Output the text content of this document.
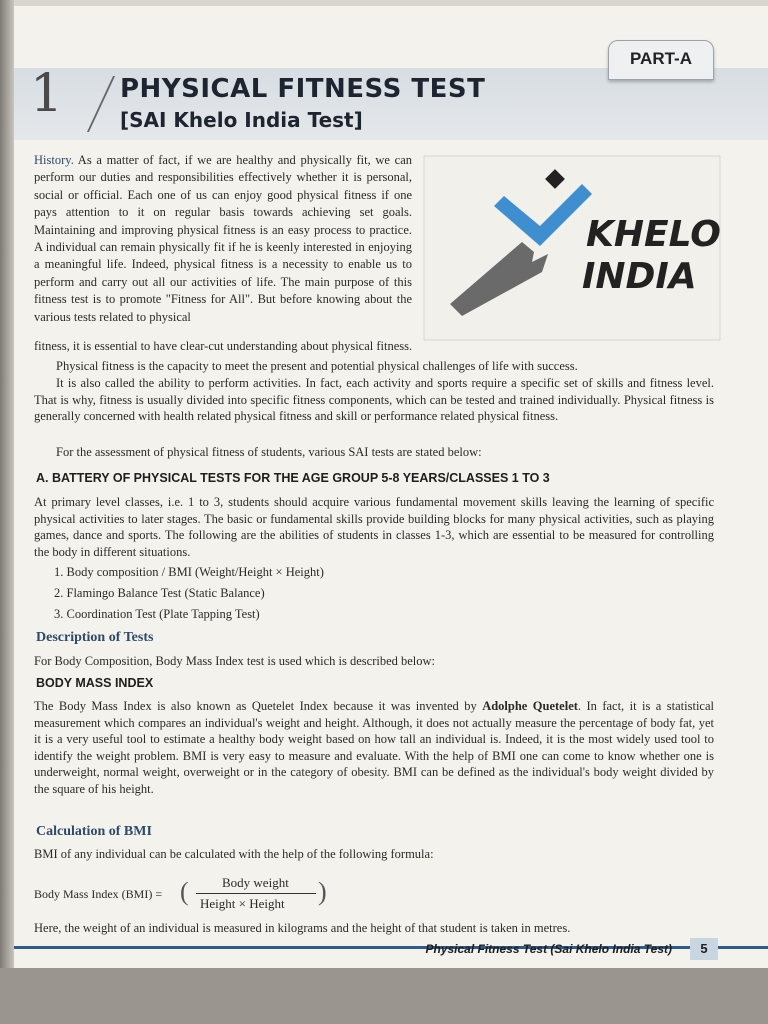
PART-A
1 PHYSICAL FITNESS TEST
[SAI Khelo India Test]
History. As a matter of fact, if we are healthy and physically fit, we can perform our duties and responsibilities effectively whether it is personal, social or official. Each one of us can enjoy good physical fitness if one pays attention to it on regular basis towards achieving set goals. Maintaining and improving physical fitness is an easy process to practice. A individual can remain physically fit if he is keenly interested in enjoying a meaningful life. Indeed, physical fitness is a necessity to enable us to perform and carry out all our activities of life. The main purpose of this fitness test is to promote "Fitness for All". But before knowing about the various tests related to physical
KHELO
INDIA
fitness, it is essential to have clear-cut understanding about physical fitness.
Physical fitness is the capacity to meet the present and potential physical challenges of life with success.
It is also called the ability to perform activities. In fact, each activity and sports require a specific set of skills and fitness level. That is why, fitness is usually divided into specific fitness components, which can be tested and trained individually. Physical fitness is generally concerned with health related physical fitness and skill or performance related physical fitness.
For the assessment of physical fitness of students, various SAI tests are stated below:
A. BATTERY OF PHYSICAL TESTS FOR THE AGE GROUP 5-8 YEARS/CLASSES 1 TO 3
At primary level classes, i.e. 1 to 3, students should acquire various fundamental movement skills leaving the learning of specific physical activities to later stages. The basic or fundamental skills provide building blocks for many physical activities, such as playing games, dance and sports. The following are the abilities of students in classes 1-3, which are essential to be measured for controlling the body in different situations.
1. Body composition / BMI (Weight/Height × Height)
2. Flamingo Balance Test (Static Balance)
3. Coordination Test (Plate Tapping Test)
Description of Tests
For Body Composition, Body Mass Index test is used which is described below:
BODY MASS INDEX
The Body Mass Index is also known as Quetelet Index because it was invented by Adolphe Quetelet. In fact, it is a statistical measurement which compares an individual's weight and height. Although, it does not actually measure the percentage of body fat, yet it is a very useful tool to estimate a healthy body weight based on how tall an individual is. Indeed, it is the most widely used tool to identify the weight problem. BMI is very easy to measure and evaluate. With the help of BMI one can come to know whether one is underweight, normal weight, overweight or in the category of obesity. BMI can be defined as the individual's body weight divided by the square of his height.
Calculation of BMI
BMI of any individual can be calculated with the help of the following formula:
Body Mass Index (BMI) = (	Body weight
Height × Height )
Here, the weight of an individual is measured in kilograms and the height of that student is taken in metres.
Physical Fitness Test (Sai Khelo India Test)	5
